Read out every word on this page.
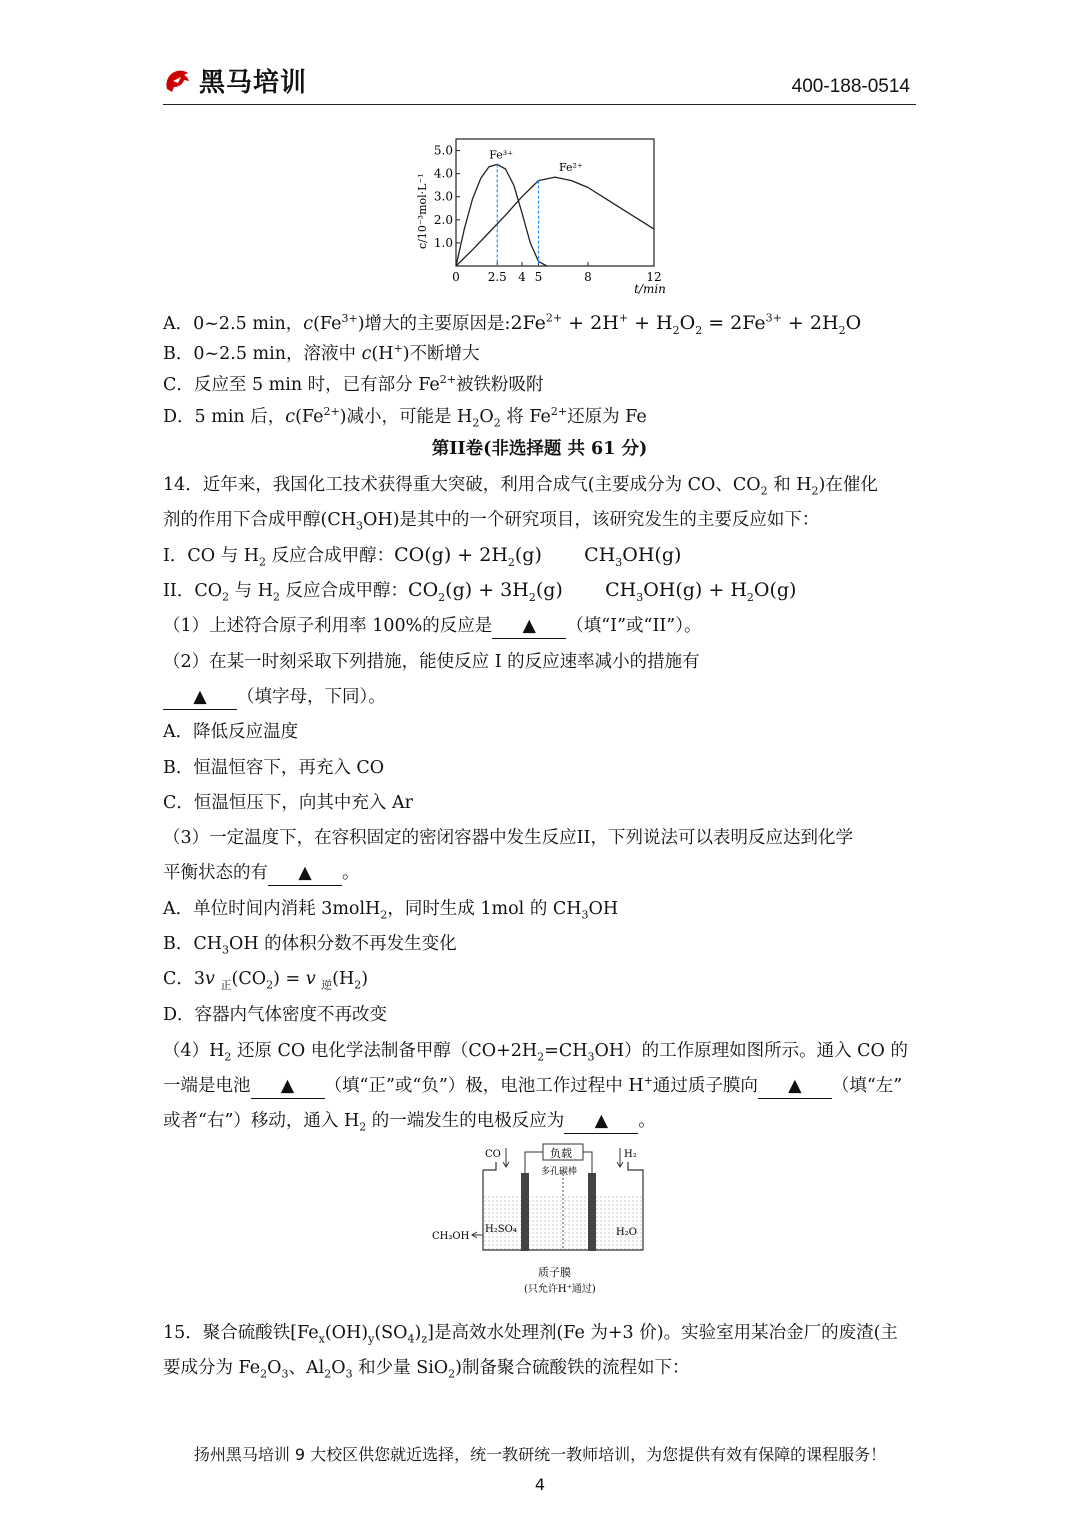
黑马培训	400-188-0514
c/10⁻³mol·L⁻¹ 1.0
2.0
3.0
4.0
5.0
0 2.5 4 5	8	12
t/min
Fe³⁺
Fe²⁺
A．0~2.5 min，$c(Fe^{3+})$增大的主要原因是$:2Fe^{2+} + 2H^+ + H_2O_2 = 2Fe^{3+} + 2H_2O$
B．0~2.5 min，溶液中 c(H+)不断增大
C．反应至 5 min 时，已有部分 $Fe^{2+}$被铁粉吸附
D．5 min 后，$c(Fe^{2+})$减小，可能是 $H_2O_2$ 将 $Fe^{2+}$还原为 Fe
第II卷(非选择题 共 61 分)
14．近年来，我国化工技术获得重大突破，利用合成气(主要成分为 CO、$CO_2$ 和 $H_2$)在催化
剂的作用下合成甲醇$(CH_3OH)$是其中的一个研究项目，该研究发生的主要反应如下：
I．CO 与 $H_2$ 反应合成甲醇：$CO(g) + 2H_2(g)$       $CH_3OH(g)$
II．$CO_2$ 与 $H_2$ 反应合成甲醇：$CO_2(g) + 3H_2(g)$       $CH_3OH(g) + H_2O(g)$
（1）上述符合原子利用率 100%的反应是 ▲ （填“I”或“II”）。
（2）在某一时刻采取下列措施，能使反应 I 的反应速率减小的措施有
▲ （填字母，下同）。
A．降低反应温度
B．恒温恒容下，再充入 CO
C．恒温恒压下，向其中充入 Ar
（3）一定温度下，在容积固定的密闭容器中发生反应II，下列说法可以表明反应达到化学
平衡状态的有 ▲ 。
A．单位时间内消耗 3molH$_2$，同时生成 1mol 的 $CH_3OH$
B．$CH_3OH$ 的体积分数不再发生变化
C．3v $_正(CO_2) = v$ $_逆(H_2)$
D．容器内气体密度不再改变
$(4)H_2$ 还原 CO 电化学法制备甲醇$(CO+2H_2=CH_3OH)$的工作原理如图所示。通入 CO 的
一端是电池 ▲ （填“正”或“负”）极，电池工作过程中 H+通过质子膜向 ▲ （填“左”
或者“右”）移动，通入 $H_2$ 的一端发生的电极反应为 ▲ 。
负载
多孔碳棒
CO	H₂
CH₃OH
H₂SO₄	H₂O
质子膜
(只允许H⁺通过)
15．聚合硫酸铁$[Fe_x(OH)_y(SO_4)_z]$是高效水处理剂(Fe 为+3 价)。实验室用某冶金厂的废渣(主
要成分为 $Fe_2O_3$、$Al_2O_3$ 和少量 SiO$_2$)制备聚合硫酸铁的流程如下：
扬州黑马培训 9 大校区供您就近选择，统一教研统一教师培训，为您提供有效有保障的课程服务！
4
